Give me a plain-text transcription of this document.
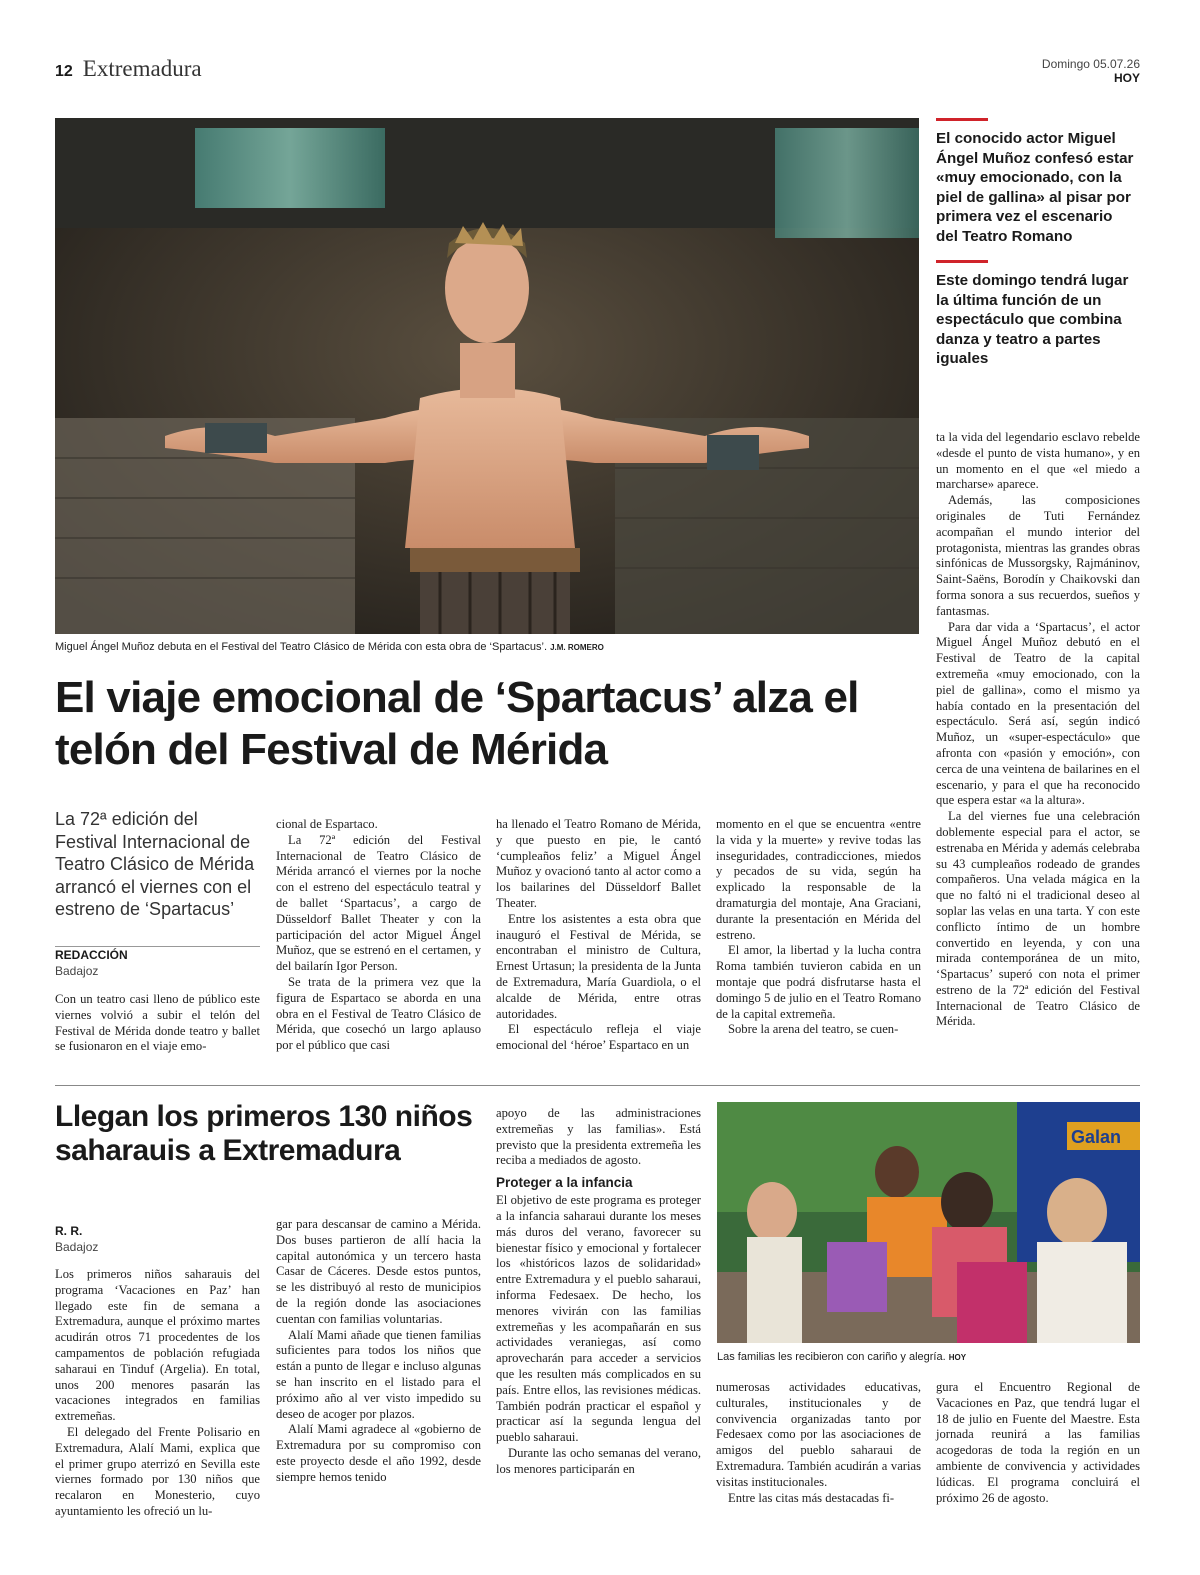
12 Extremadura	Domingo 05.07.26
HOY
Miguel Ángel Muñoz debuta en el Festival del Teatro Clásico de Mérida con esta obra de ‘Spartacus’. J.M. ROMERO
El conocido actor Miguel Ángel Muñoz confesó estar «muy emocionado, con la piel de gallina» al pisar por primera vez el escenario del Teatro Romano
Este domingo tendrá lugar la última función de un espectáculo que combina danza y teatro a partes iguales
El viaje emocional de ‘Spartacus’ alza el telón del Festival de Mérida
La 72ª edición del Festival Internacional de Teatro Clásico de Mérida arrancó el viernes con el estreno de ‘Spartacus’
REDACCIÓN
Badajoz

Con un teatro casi lleno de público este viernes volvió a subir el telón del Festival de Mérida donde teatro y ballet se fusionaron en el viaje emo-

cional de Espartaco.

La 72ª edición del Festival Internacional de Teatro Clásico de Mérida arrancó el viernes por la noche con el estreno del espectáculo teatral y de ballet ‘Spartacus’, a cargo de Düsseldorf Ballet Theater y con la participación del actor Miguel Ángel Muñoz, que se estrenó en el certamen, y del bailarín Igor Person.

Se trata de la primera vez que la figura de Espartaco se aborda en una obra en el Festival de Teatro Clásico de Mérida, que cosechó un largo aplauso por el público que casi

ha llenado el Teatro Romano de Mérida, y que puesto en pie, le cantó ‘cumpleaños feliz’ a Miguel Ángel Muñoz y ovacionó tanto al actor como a los bailarines del Düsseldorf Ballet Theater.

Entre los asistentes a esta obra que inauguró el Festival de Mérida, se encontraban el ministro de Cultura, Ernest Urtasun; la presidenta de la Junta de Extremadura, María Guardiola, o el alcalde de Mérida, entre otras autoridades.

El espectáculo refleja el viaje emocional del ‘héroe’ Espartaco en un

momento en el que se encuentra «entre la vida y la muerte» y revive todas las inseguridades, contradicciones, miedos y pecados de su vida, según ha explicado la responsable de la dramaturgia del montaje, Ana Graciani, durante la presentación en Mérida del estreno.

El amor, la libertad y la lucha contra Roma también tuvieron cabida en un montaje que podrá disfrutarse hasta el domingo 5 de julio en el Teatro Romano de la capital extremeña.

Sobre la arena del teatro, se cuen-

ta la vida del legendario esclavo rebelde «desde el punto de vista humano», y en un momento en el que «el miedo a marcharse» aparece.

Además, las composiciones originales de Tuti Fernández acompañan el mundo interior del protagonista, mientras las grandes obras sinfónicas de Mussorgsky, Rajmáninov, Saint-Saëns, Borodín y Chaikovski dan forma sonora a sus recuerdos, sueños y fantasmas.

Para dar vida a ‘Spartacus’, el actor Miguel Ángel Muñoz debutó en el Festival de Teatro de la capital extremeña «muy emocionado, con la piel de gallina», como el mismo ya había contado en la presentación del espectáculo. Será así, según indicó Muñoz, un «super-espectáculo» que afronta con «pasión y emoción», con cerca de una veintena de bailarines en el escenario, y para el que ha reconocido que espera estar «a la altura».

La del viernes fue una celebración doblemente especial para el actor, se estrenaba en Mérida y además celebraba su 43 cumpleaños rodeado de grandes compañeros. Una velada mágica en la que no faltó ni el tradicional deseo al soplar las velas en una tarta. Y con este conflicto íntimo de un hombre convertido en leyenda, y con una mirada contemporánea de un mito, ‘Spartacus’ superó con nota el primer estreno de la 72ª edición del Festival Internacional de Teatro Clásico de Mérida.

Llegan los primeros 130 niños saharauis a Extremadura
R. R.
Badajoz

Los primeros niños saharauis del programa ‘Vacaciones en Paz’ han llegado este fin de semana a Extremadura, aunque el próximo martes acudirán otros 71 procedentes de los campamentos de población refugiada saharaui en Tinduf (Argelia). En total, unos 200 menores pasarán las vacaciones integrados en familias extremeñas.

El delegado del Frente Polisario en Extremadura, Alalí Mami, explica que el primer grupo aterrizó en Sevilla este viernes formado por 130 niños que recalaron en Monesterio, cuyo ayuntamiento les ofreció un lu-

gar para descansar de camino a Mérida. Dos buses partieron de allí hacia la capital autonómica y un tercero hasta Casar de Cáceres. Desde estos puntos, se les distribuyó al resto de municipios de la región donde las asociaciones cuentan con familias voluntarias.

Alalí Mami añade que tienen familias suficientes para todos los niños que están a punto de llegar e incluso algunas se han inscrito en el listado para el próximo año al ver visto impedido su deseo de acoger por plazos.

Alalí Mami agradece al «gobierno de Extremadura por su compromiso con este proyecto desde el año 1992, desde siempre hemos tenido

apoyo de las administraciones extremeñas y las familias». Está previsto que la presidenta extremeña les reciba a mediados de agosto.

Proteger a la infancia

El objetivo de este programa es proteger a la infancia saharaui durante los meses más duros del verano, favorecer su bienestar físico y emocional y fortalecer los «históricos lazos de solidaridad» entre Extremadura y el pueblo saharaui, informa Fedesaex. De hecho, los menores vivirán con las familias extremeñas y les acompañarán en sus actividades veraniegas, así como aprovecharán para acceder a servicios que les resulten más complicados en su país. Entre ellos, las revisiones médicas. También podrán practicar el español y practicar así la segunda lengua del pueblo saharaui.

Durante las ocho semanas del verano, los menores participarán en

Galan
Las familias les recibieron con cariño y alegría. HOY

numerosas actividades educativas, culturales, institucionales y de convivencia organizadas tanto por Fedesaex como por las asociaciones de amigos del pueblo saharaui de Extremadura. También acudirán a varias visitas institucionales.

Entre las citas más destacadas fi-

gura el Encuentro Regional de Vacaciones en Paz, que tendrá lugar el 18 de julio en Fuente del Maestre. Esta jornada reunirá a las familias acogedoras de toda la región en un ambiente de convivencia y actividades lúdicas. El programa concluirá el próximo 26 de agosto.
